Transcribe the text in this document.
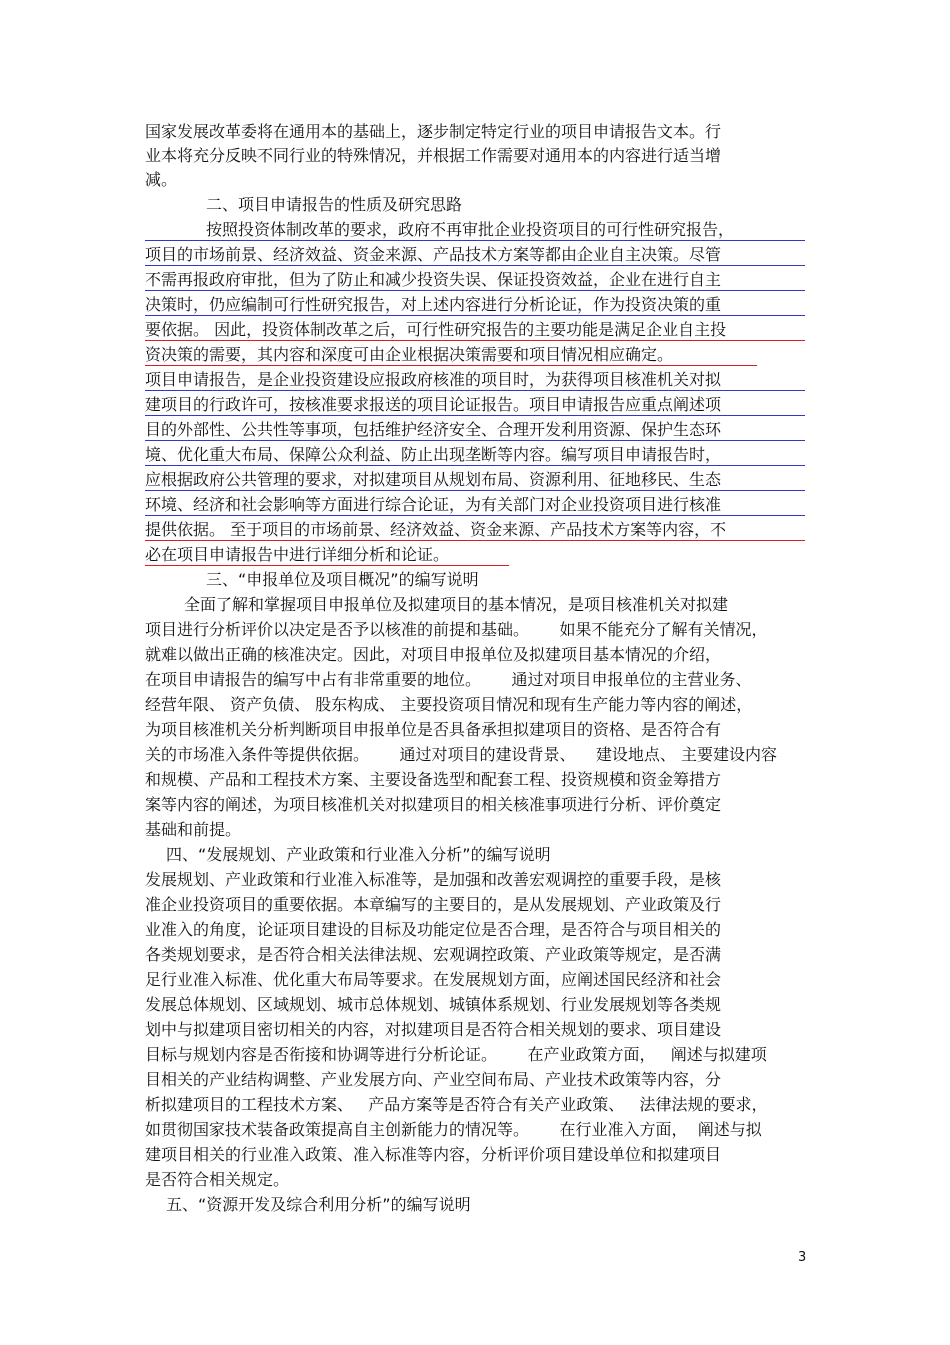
国家发展改革委将在通用本的基础上，逐步制定特定行业的项目申请报告文本。行
业本将充分反映不同行业的特殊情况，并根据工作需要对通用本的内容进行适当增
减。
二、项目申请报告的性质及研究思路
按照投资体制改革的要求，政府不再审批企业投资项目的可行性研究报告，
项目的市场前景、经济效益、资金来源、产品技术方案等都由企业自主决策。尽管
不需再报政府审批，但为了防止和减少投资失误、保证投资效益，企业在进行自主
决策时，仍应编制可行性研究报告，对上述内容进行分析论证，作为投资决策的重
要依据。 因此，投资体制改革之后，可行性研究报告的主要功能是满足企业自主投
资决策的需要，其内容和深度可由企业根据决策需要和项目情况相应确定。
项目申请报告，是企业投资建设应报政府核准的项目时，为获得项目核准机关对拟
建项目的行政许可，按核准要求报送的项目论证报告。项目申请报告应重点阐述项
目的外部性、公共性等事项，包括维护经济安全、合理开发利用资源、保护生态环
境、优化重大布局、保障公众利益、防止出现垄断等内容。编写项目申请报告时，
应根据政府公共管理的要求，对拟建项目从规划布局、资源利用、征地移民、生态
环境、经济和社会影响等方面进行综合论证，为有关部门对企业投资项目进行核准
提供依据。 至于项目的市场前景、经济效益、资金来源、产品技术方案等内容，不
必在项目申请报告中进行详细分析和论证。
三、“申报单位及项目概况”的编写说明
全面了解和掌握项目申报单位及拟建项目的基本情况，是项目核准机关对拟建
项目进行分析评价以决定是否予以核准的前提和基础。      如果不能充分了解有关情况，
就难以做出正确的核准决定。因此，对项目申报单位及拟建项目基本情况的介绍，
在项目申请报告的编写中占有非常重要的地位。      通过对项目申报单位的主营业务、
经营年限、 资产负债、 股东构成、 主要投资项目情况和现有生产能力等内容的阐述，
为项目核准机关分析判断项目申报单位是否具备承担拟建项目的资格、是否符合有
关的市场准入条件等提供依据。      通过对项目的建设背景、    建设地点、 主要建设内容
和规模、产品和工程技术方案、主要设备选型和配套工程、投资规模和资金筹措方
案等内容的阐述，为项目核准机关对拟建项目的相关核准事项进行分析、评价奠定
基础和前提。
四、“发展规划、产业政策和行业准入分析”的编写说明
发展规划、产业政策和行业准入标准等，是加强和改善宏观调控的重要手段，是核
准企业投资项目的重要依据。本章编写的主要目的，是从发展规划、产业政策及行
业准入的角度，论证项目建设的目标及功能定位是否合理，是否符合与项目相关的
各类规划要求，是否符合相关法律法规、宏观调控政策、产业政策等规定，是否满
足行业准入标准、优化重大布局等要求。在发展规划方面，应阐述国民经济和社会
发展总体规划、区域规划、城市总体规划、城镇体系规划、行业发展规划等各类规
划中与拟建项目密切相关的内容，对拟建项目是否符合相关规划的要求、项目建设
目标与规划内容是否衔接和协调等进行分析论证。      在产业政策方面，   阐述与拟建项
目相关的产业结构调整、产业发展方向、产业空间布局、产业技术政策等内容，分
析拟建项目的工程技术方案、   产品方案等是否符合有关产业政策、   法律法规的要求，
如贯彻国家技术装备政策提高自主创新能力的情况等。      在行业准入方面，  阐述与拟
建项目相关的行业准入政策、准入标准等内容，分析评价项目建设单位和拟建项目
是否符合相关规定。
五、“资源开发及综合利用分析”的编写说明
3
